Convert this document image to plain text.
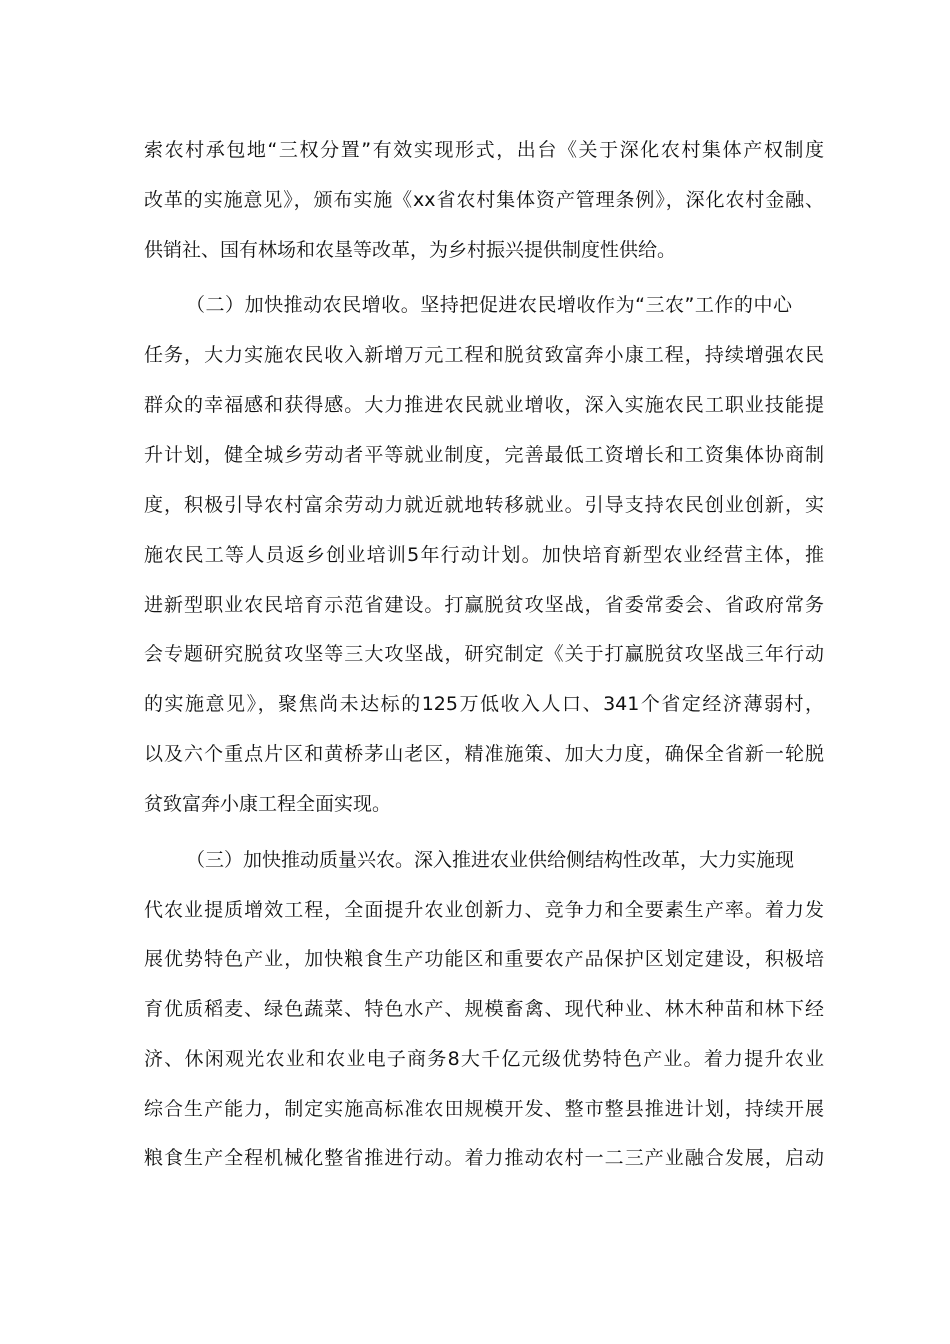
索农村承包地“三权分置”有效实现形式，出台《关于深化农村集体产权制度
改革的实施意见》，颁布实施《xx省农村集体资产管理条例》，深化农村金融、
供销社、国有林场和农垦等改革，为乡村振兴提供制度性供给。
（二）加快推动农民增收。坚持把促进农民增收作为“三农”工作的中心
任务，大力实施农民收入新增万元工程和脱贫致富奔小康工程，持续增强农民
群众的幸福感和获得感。大力推进农民就业增收，深入实施农民工职业技能提
升计划，健全城乡劳动者平等就业制度，完善最低工资增长和工资集体协商制
度，积极引导农村富余劳动力就近就地转移就业。引导支持农民创业创新，实
施农民工等人员返乡创业培训5年行动计划。加快培育新型农业经营主体，推
进新型职业农民培育示范省建设。打赢脱贫攻坚战，省委常委会、省政府常务
会专题研究脱贫攻坚等三大攻坚战，研究制定《关于打赢脱贫攻坚战三年行动
的实施意见》，聚焦尚未达标的125万低收入人口、341个省定经济薄弱村，
以及六个重点片区和黄桥茅山老区，精准施策、加大力度，确保全省新一轮脱
贫致富奔小康工程全面实现。
（三）加快推动质量兴农。深入推进农业供给侧结构性改革，大力实施现
代农业提质增效工程，全面提升农业创新力、竞争力和全要素生产率。着力发
展优势特色产业，加快粮食生产功能区和重要农产品保护区划定建设，积极培
育优质稻麦、绿色蔬菜、特色水产、规模畜禽、现代种业、林木种苗和林下经
济、休闲观光农业和农业电子商务8大千亿元级优势特色产业。着力提升农业
综合生产能力，制定实施高标准农田规模开发、整市整县推进计划，持续开展
粮食生产全程机械化整省推进行动。着力推动农村一二三产业融合发展，启动
